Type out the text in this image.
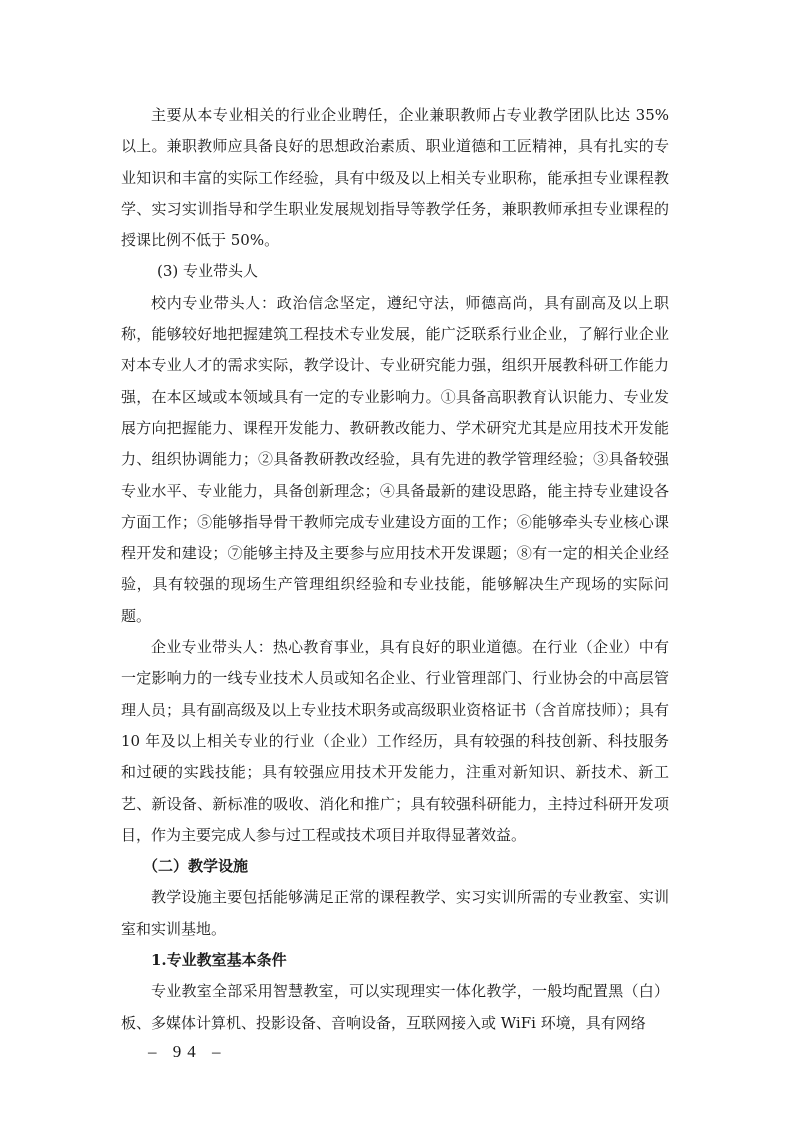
主要从本专业相关的行业企业聘任，企业兼职教师占专业教学团队比达 35%以上。兼职教师应具备良好的思想政治素质、职业道德和工匠精神，具有扎实的专业知识和丰富的实际工作经验，具有中级及以上相关专业职称，能承担专业课程教学、实习实训指导和学生职业发展规划指导等教学任务，兼职教师承担专业课程的授课比例不低于 50%。

(3) 专业带头人

校内专业带头人：政治信念坚定，遵纪守法，师德高尚，具有副高及以上职称，能够较好地把握建筑工程技术专业发展，能广泛联系行业企业，了解行业企业对本专业人才的需求实际，教学设计、专业研究能力强，组织开展教科研工作能力强，在本区域或本领域具有一定的专业影响力。①具备高职教育认识能力、专业发展方向把握能力、课程开发能力、教研教改能力、学术研究尤其是应用技术开发能力、组织协调能力；②具备教研教改经验，具有先进的教学管理经验；③具备较强专业水平、专业能力，具备创新理念；④具备最新的建设思路，能主持专业建设各方面工作；⑤能够指导骨干教师完成专业建设方面的工作；⑥能够牵头专业核心课程开发和建设；⑦能够主持及主要参与应用技术开发课题；⑧有一定的相关企业经验，具有较强的现场生产管理组织经验和专业技能，能够解决生产现场的实际问题。

企业专业带头人：热心教育事业，具有良好的职业道德。在行业（企业）中有一定影响力的一线专业技术人员或知名企业、行业管理部门、行业协会的中高层管理人员；具有副高级及以上专业技术职务或高级职业资格证书（含首席技师）；具有 10 年及以上相关专业的行业（企业）工作经历，具有较强的科技创新、科技服务和过硬的实践技能；具有较强应用技术开发能力，注重对新知识、新技术、新工艺、新设备、新标准的吸收、消化和推广；具有较强科研能力，主持过科研开发项目，作为主要完成人参与过工程或技术项目并取得显著效益。

（二）教学设施

教学设施主要包括能够满足正常的课程教学、实习实训所需的专业教室、实训室和实训基地。

1.专业教室基本条件

专业教室全部采用智慧教室，可以实现理实一体化教学，一般均配置黑（白）板、多媒体计算机、投影设备、音响设备，互联网接入或 WiFi 环境，具有网络

– 94 –
